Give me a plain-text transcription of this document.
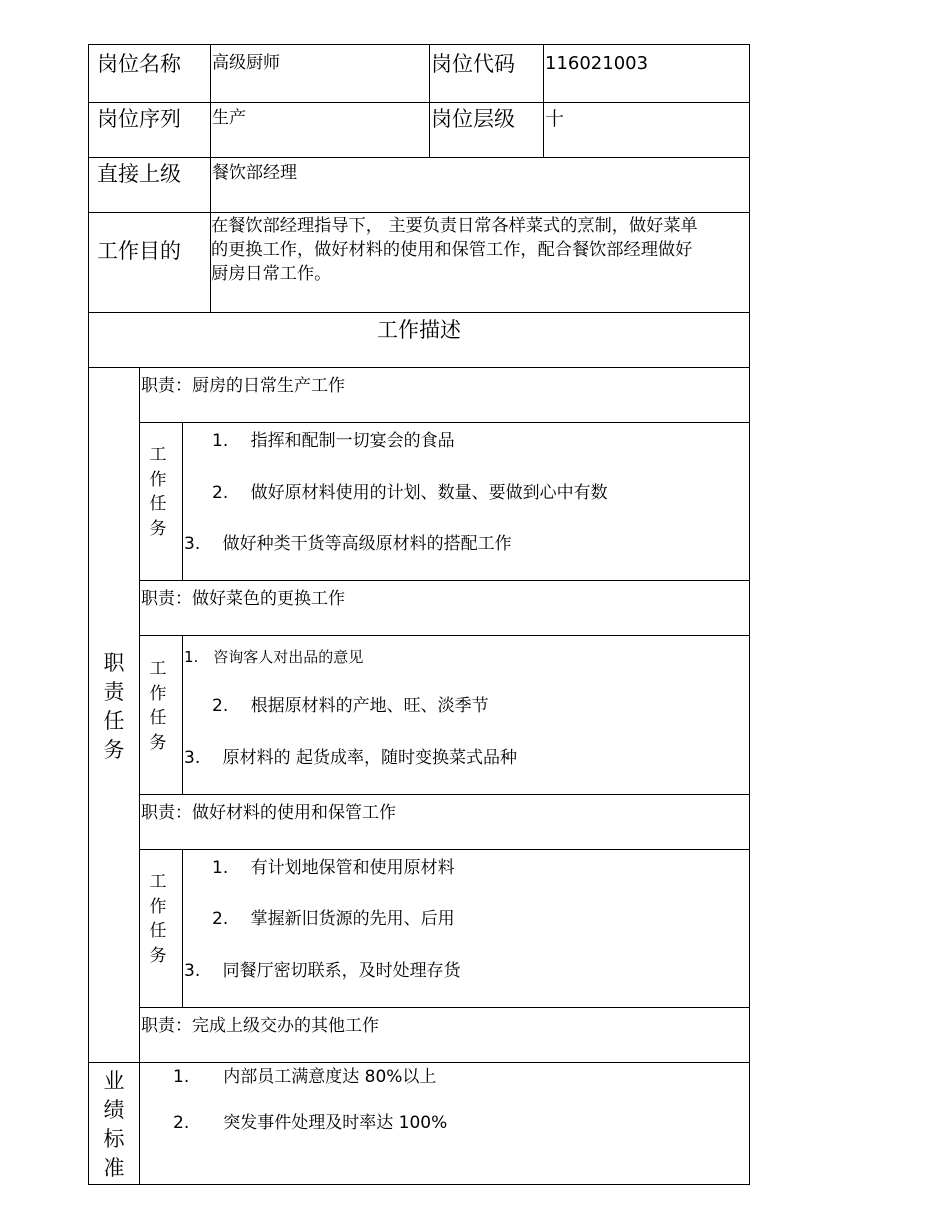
岗位名称 高级厨师	岗位代码 116021003
岗位序列 生产	岗位层级 十
直接上级 餐饮部经理
工作目的
在餐饮部经理指导下， 主要负责日常各样菜式的烹制，做好菜单
的更换工作，做好材料的使用和保管工作，配合餐饮部经理做好
厨房日常工作。
工作描述
职
责
任
务
职责：厨房的日常生产工作
工
作
任
务
1.　 指挥和配制一切宴会的食品
2.　 做好原材料使用的计划、数量、要做到心中有数
3.　 做好种类干货等高级原材料的搭配工作
职责：做好菜色的更换工作
工
作
任
务
1.　咨询客人对出品的意见
2.　 根据原材料的产地、旺、淡季节
3.　 原材料的 起货成率，随时变换菜式品种
职责：做好材料的使用和保管工作
工
作
任
务
1.　 有计划地保管和使用原材料
2.　 掌握新旧货源的先用、后用
3.　 同餐厅密切联系，及时处理存货
职责：完成上级交办的其他工作
业
绩
标
准
1.　　内部员工满意度达 80%以上
2.　　突发事件处理及时率达 100%
